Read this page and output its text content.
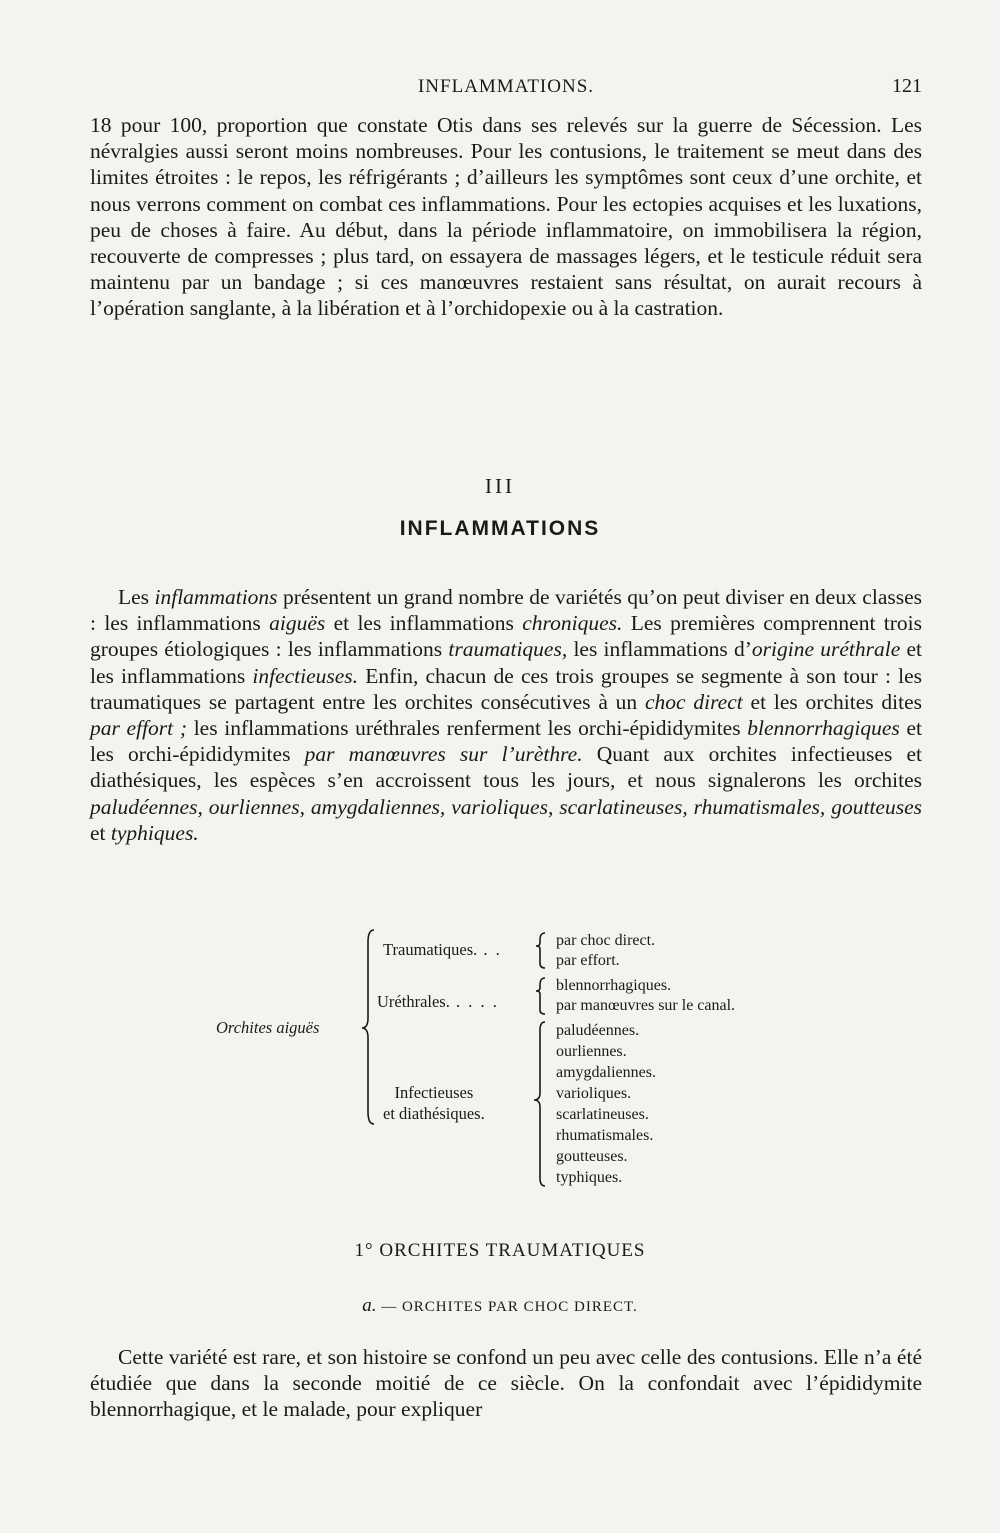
INFLAMMATIONS.	121
18 pour 100, proportion que constate Otis dans ses relevés sur la guerre de Sécession. Les névralgies aussi seront moins nombreuses. Pour les contusions, le traitement se meut dans des limites étroites : le repos, les réfrigérants ; d’ailleurs les symptômes sont ceux d’une orchite, et nous verrons comment on combat ces inflammations. Pour les ectopies acquises et les luxations, peu de choses à faire. Au début, dans la période inflammatoire, on immobilisera la région, recouverte de compresses ; plus tard, on essayera de massages légers, et le testicule réduit sera maintenu par un bandage ; si ces manœuvres restaient sans résultat, on aurait recours à l’opération sanglante, à la libération et à l’orchidopexie ou à la castration.
III
INFLAMMATIONS
Les inflammations présentent un grand nombre de variétés qu’on peut diviser en deux classes : les inflammations aiguës et les inflammations chroniques. Les premières comprennent trois groupes étiologiques : les inflammations traumatiques, les inflammations d’origine uréthrale et les inflammations infectieuses. Enfin, chacun de ces trois groupes se segmente à son tour : les traumatiques se partagent entre les orchites consécutives à un choc direct et les orchites dites par effort ; les inflammations uréthrales renferment les orchi-épididymites blennorrhagiques et les orchi-épididymites par manœuvres sur l’urèthre. Quant aux orchites infectieuses et diathésiques, les espèces s’en accroissent tous les jours, et nous signalerons les orchites paludéennes, ourliennes, amygdaliennes, varioliques, scarlatineuses, rhumatismales, goutteuses et typhiques.
Orchites aiguës
Traumatiques. . .
Uréthrales. . . . .
Infectieuses
et diathésiques.
par choc direct.
par effort.
blennorrhagiques.
par manœuvres sur le canal.
paludéennes.
ourliennes.
amygdaliennes.
varioliques.
scarlatineuses.
rhumatismales.
goutteuses.
typhiques.
1° ORCHITES TRAUMATIQUES
a. — ORCHITES PAR CHOC DIRECT.
Cette variété est rare, et son histoire se confond un peu avec celle des contusions. Elle n’a été étudiée que dans la seconde moitié de ce siècle. On la confondait avec l’épididymite blennorrhagique, et le malade, pour expliquer
